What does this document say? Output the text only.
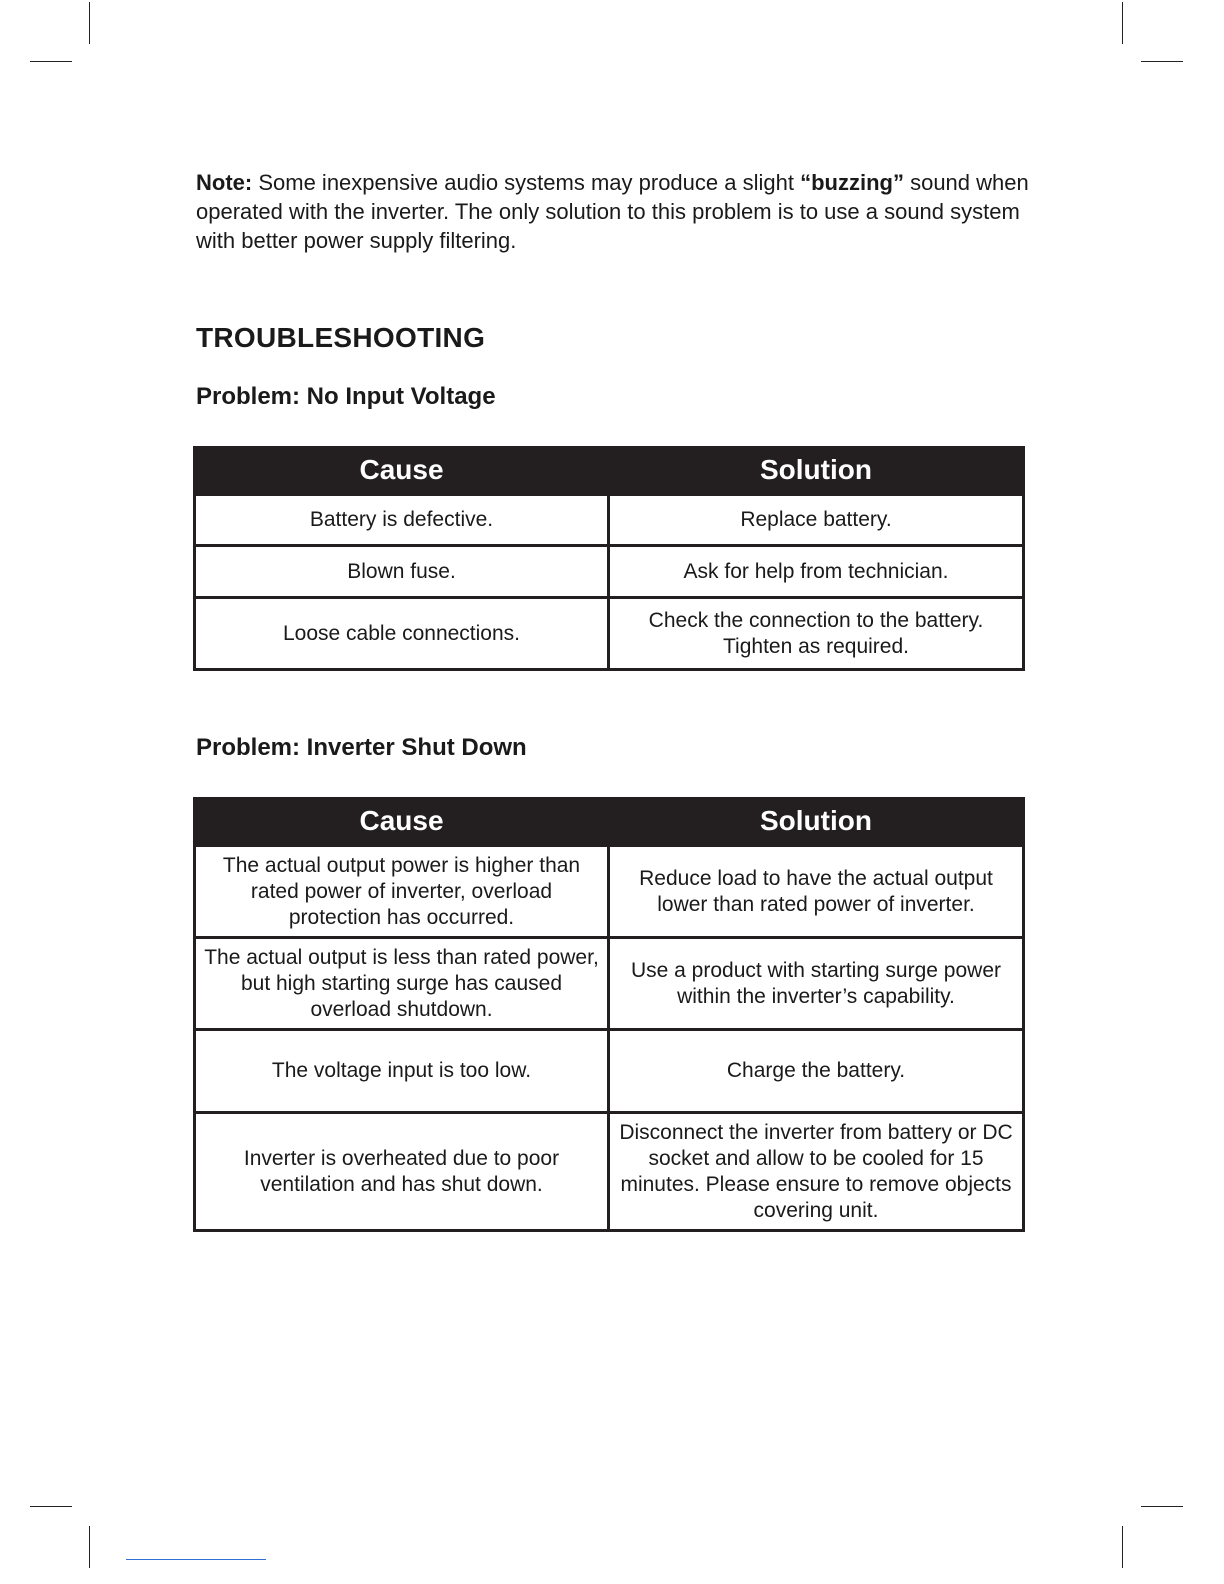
Note: Some inexpensive audio systems may produce a slight “buzzing” sound when operated with the inverter. The only solution to this problem is to use a sound system with better power supply filtering.

TROUBLESHOOTING
Problem: No Input Voltage
Cause	Solution
Battery is defective.	Replace battery.
Blown fuse.	Ask for help from technician.
Loose cable connections.	Check the connection to the battery. Tighten as required.
Problem: Inverter Shut Down
Cause	Solution
The actual output power is higher than rated power of inverter, overload protection has occurred.	Reduce load to have the actual output lower than rated power of inverter.
The actual output is less than rated power, but high starting surge has caused overload shutdown.	Use a product with starting surge power within the inverter’s capability.
The voltage input is too low.	Charge the battery.
Inverter is overheated due to poor ventilation and has shut down.	Disconnect the inverter from battery or DC socket and allow to be cooled for 15 minutes. Please ensure to remove objects covering unit.
